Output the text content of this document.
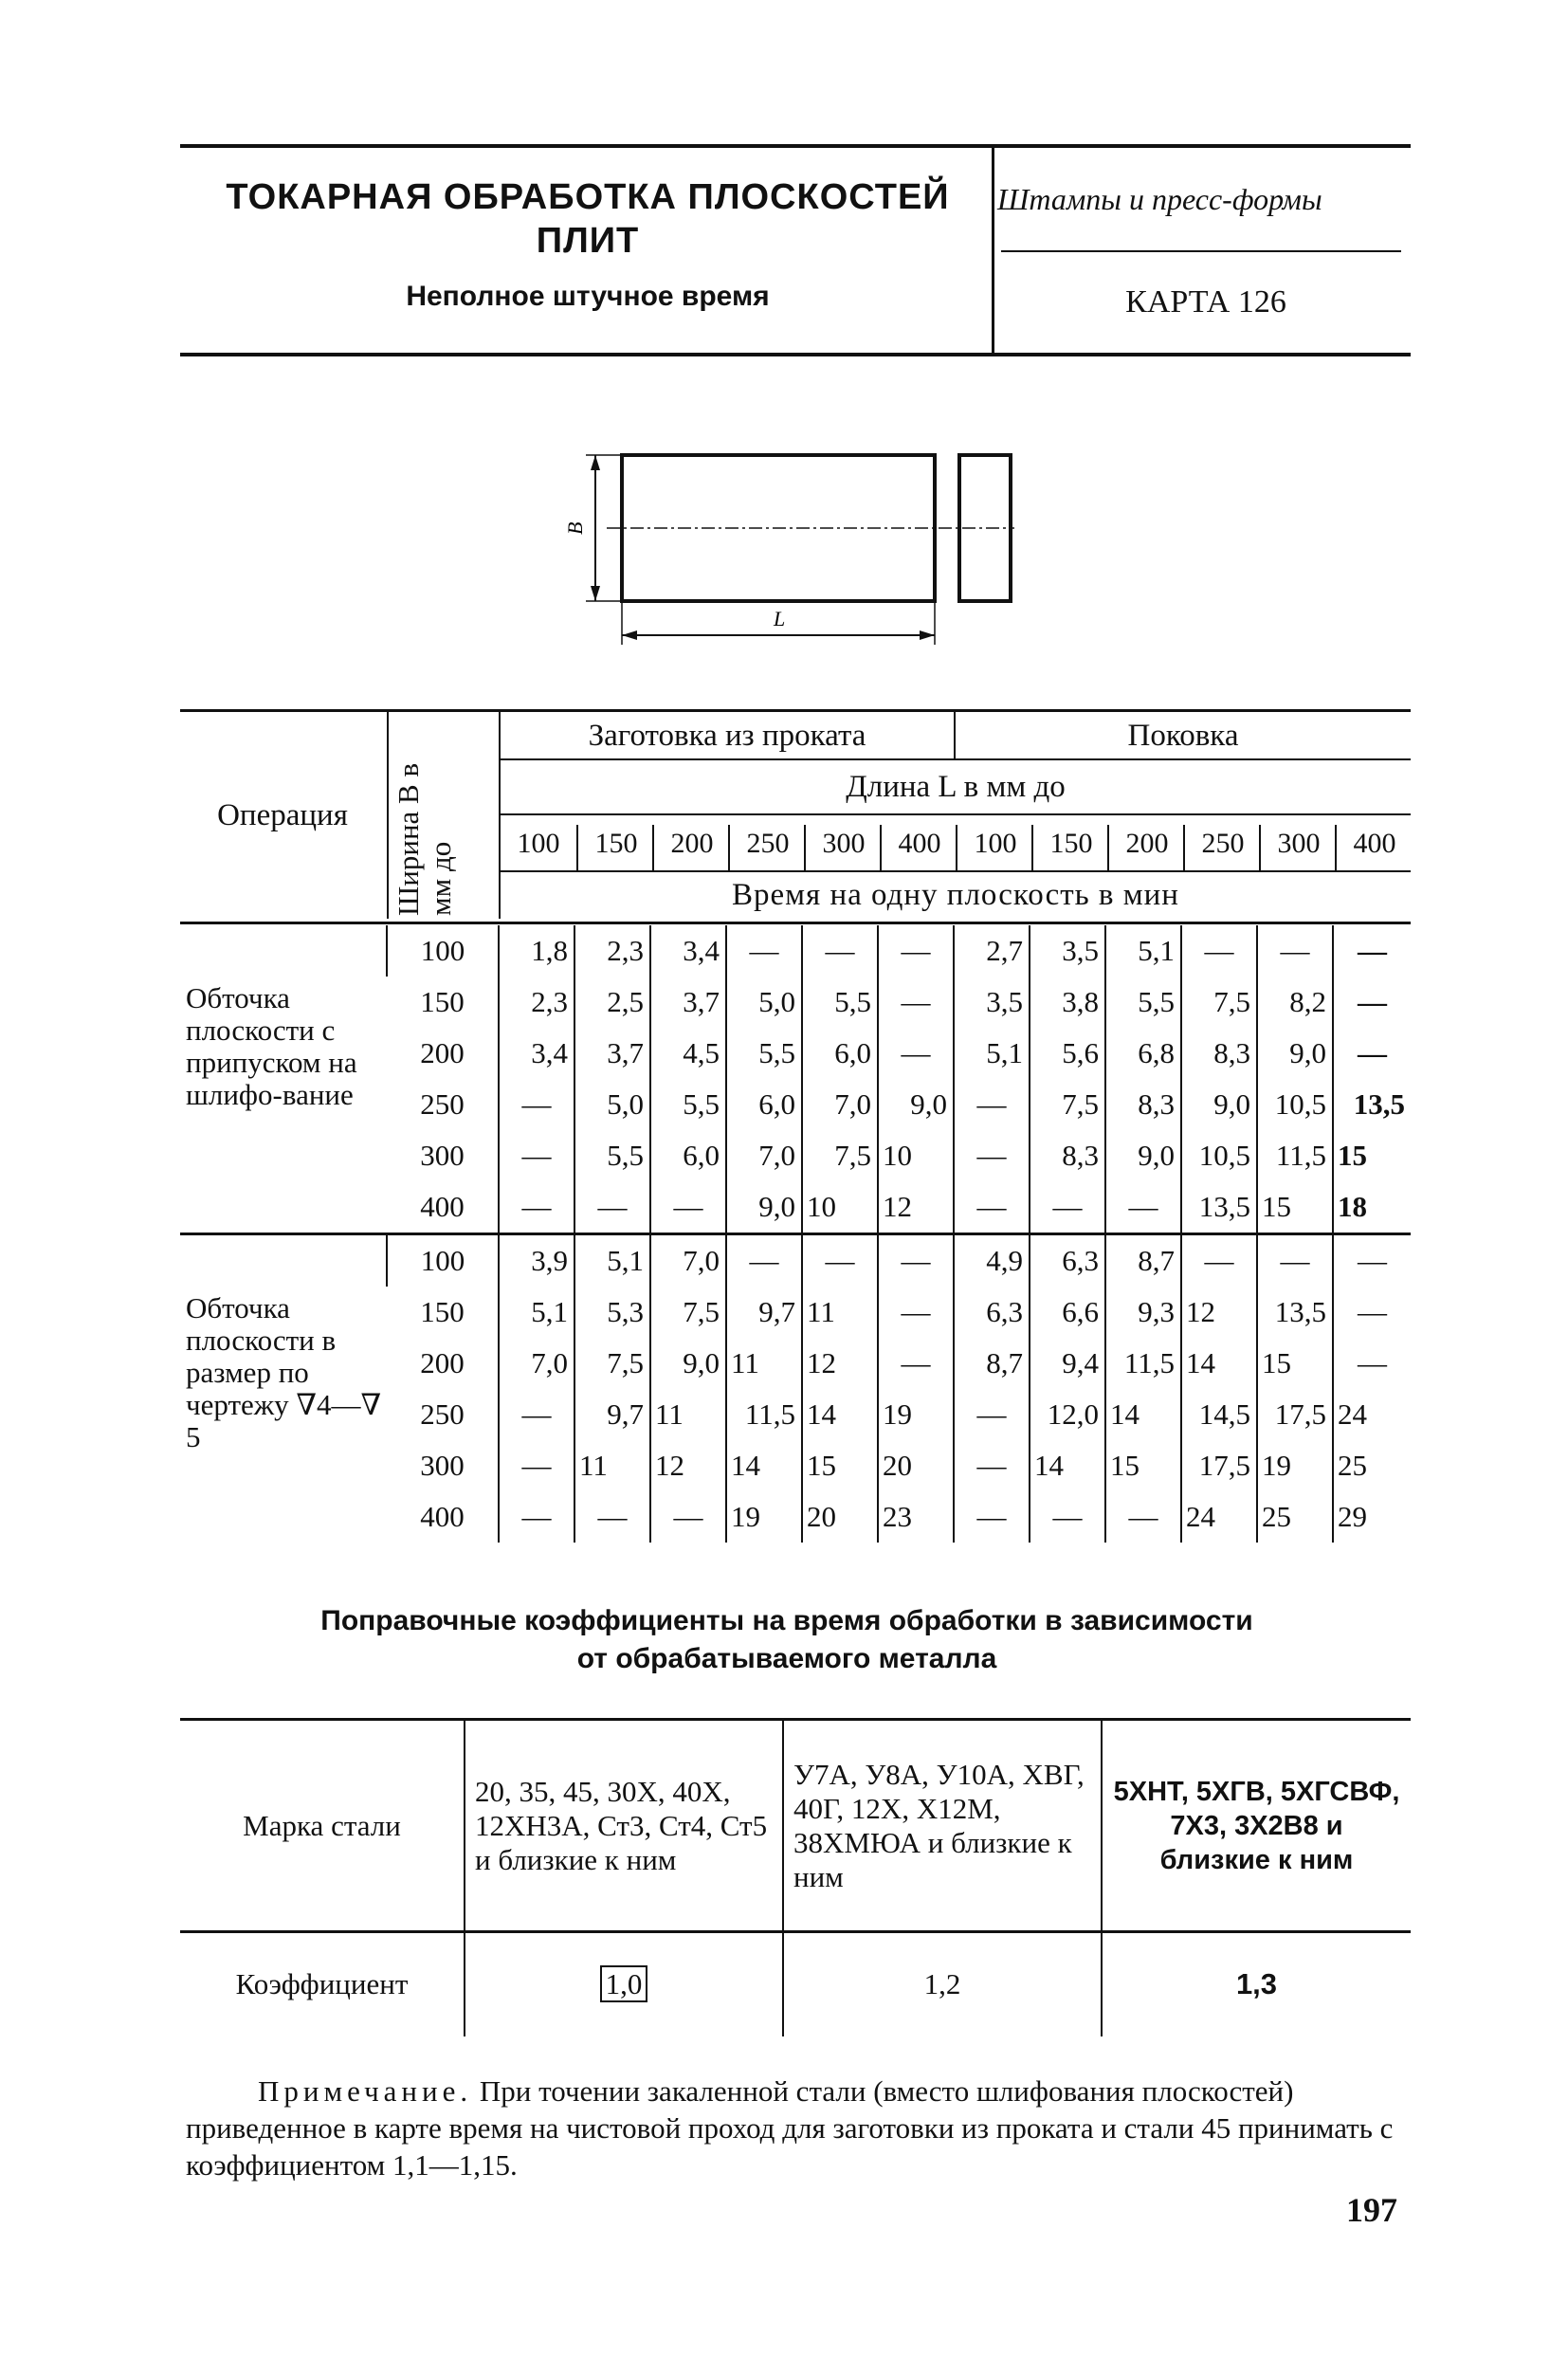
ТОКАРНАЯ ОБРАБОТКА ПЛОСКОСТЕЙ
ПЛИТ
Неполное штучное время
Штампы и пресс-формы
КАРТА 126
B
L
Операция	Ширина B в мм до
Заготовка из проката	Поковка
Длина L в мм до
100	150	200	250	300	400	100	150	200	250	300	400
Время на одну плоскость в мин
Обточка плоскости с припуском на шлифо-вание	100	1,8	2,3	3,4	—	—	—	2,7	3,5	5,1	—	—	—
	150	2,3	2,5	3,7	5,0	5,5	—	3,5	3,8	5,5	7,5	8,2	—
	200	3,4	3,7	4,5	5,5	6,0	—	5,1	5,6	6,8	8,3	9,0	—
	250	—	5,0	5,5	6,0	7,0	9,0	—	7,5	8,3	9,0	10,5	13,5
	300	—	5,5	6,0	7,0	7,5	10	—	8,3	9,0	10,5	11,5	15
	400	—	—	—	9,0	10	12	—	—	—	13,5	15	18
Обточка плоскости в размер по чертежу ∇4—∇ 5	100	3,9	5,1	7,0	—	—	—	4,9	6,3	8,7	—	—	—
	150	5,1	5,3	7,5	9,7	11	—	6,3	6,6	9,3	12	13,5	—
	200	7,0	7,5	9,0	11	12	—	8,7	9,4	11,5	14	15	—
	250	—	9,7	11	11,5	14	19	—	12,0	14	14,5	17,5	24
	300	—	11	12	14	15	20	—	14	15	17,5	19	25
	400	—	—	—	19	20	23	—	—	—	24	25	29
Поправочные коэффициенты на время обработки в зависимости
от обрабатываемого металла
Марка стали	20, 35, 45, 30Х, 40Х, 12ХН3А, Ст3, Ст4, Ст5 и близкие к ним	У7А, У8А, У10А, ХВГ, 40Г, 12Х, Х12М, 38ХМЮА и близкие к ним	5ХНТ, 5ХГВ, 5ХГСВФ, 7Х3, 3Х2В8 и близкие к ним
Коэффициент	1,0	1,2	1,3
Примечание. При точении закаленной стали (вместо шлифования плоскостей) приведенное в карте время на чистовой проход для заготовки из проката и стали 45 принимать с коэффициентом 1,1—1,15.
197
